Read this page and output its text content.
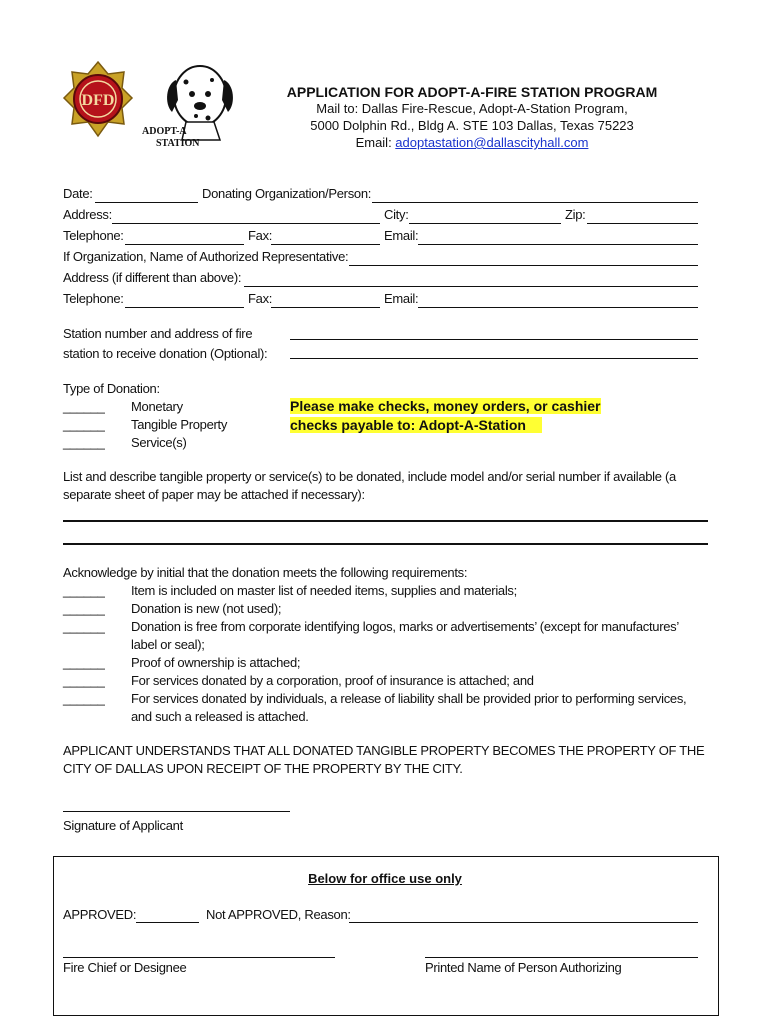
DFD
ADOPT-A
STATION
APPLICATION FOR ADOPT-A-FIRE STATION PROGRAM
Mail to: Dallas Fire-Rescue, Adopt-A-Station Program,
5000 Dolphin Rd., Bldg A. STE 103 Dallas, Texas 75223
Email: adoptastation@dallascityhall.com
Date:	Donating Organization/Person:
Address:	City:	Zip:
Telephone:	Fax:	Email:
If Organization, Name of Authorized Representative:
Address (if different than above):
Telephone:	Fax:	Email:
Station number and address of fire
station to receive donation (Optional):
Type of Donation:
______ Monetary
______ Tangible Property
______ Service(s)
Please make checks, money orders, or cashier
checks payable to: Adopt-A-Station
List and describe tangible property or service(s) to be donated, include model and/or serial number if available (a
separate sheet of paper may be attached if necessary):
Acknowledge by initial that the donation meets the following requirements:
______ Item is included on master list of needed items, supplies and materials;
______ Donation is new (not used);
______ Donation is free from corporate identifying logos, marks or advertisements’ (except for manufactures’
label or seal);
______ Proof of ownership is attached;
______ For services donated by a corporation, proof of insurance is attached; and
______ For services donated by individuals, a release of liability shall be provided prior to performing services,
and such a released is attached.
APPLICANT UNDERSTANDS THAT ALL DONATED TANGIBLE PROPERTY BECOMES THE PROPERTY OF THE
CITY OF DALLAS UPON RECEIPT OF THE PROPERTY BY THE CITY.
Signature of Applicant
Below for office use only
APPROVED:	Not APPROVED, Reason:
Fire Chief or Designee	Printed Name of Person Authorizing
